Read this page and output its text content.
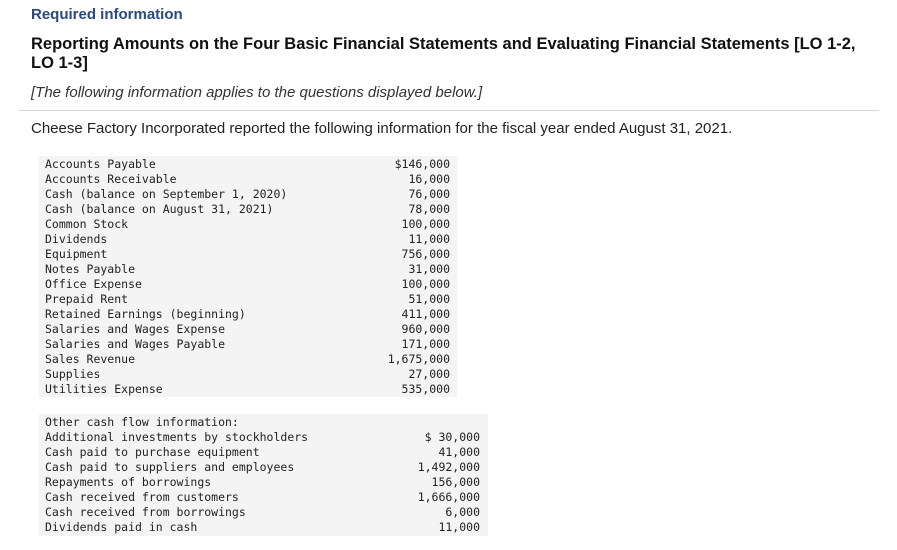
Required information
Reporting Amounts on the Four Basic Financial Statements and Evaluating Financial Statements [LO 1-2, LO 1-3]
[The following information applies to the questions displayed below.]
Cheese Factory Incorporated reported the following information for the fiscal year ended August 31, 2021.
Accounts Payable	$146,000
Accounts Receivable	16,000
Cash (balance on September 1, 2020)	76,000
Cash (balance on August 31, 2021)	78,000
Common Stock	100,000
Dividends	11,000
Equipment	756,000
Notes Payable	31,000
Office Expense	100,000
Prepaid Rent	51,000
Retained Earnings (beginning)	411,000
Salaries and Wages Expense	960,000
Salaries and Wages Payable	171,000
Sales Revenue	1,675,000
Supplies	27,000
Utilities Expense	535,000
Other cash flow information:
Additional investments by stockholders	$ 30,000
Cash paid to purchase equipment	41,000
Cash paid to suppliers and employees	1,492,000
Repayments of borrowings	156,000
Cash received from customers	1,666,000
Cash received from borrowings	6,000
Dividends paid in cash	11,000
